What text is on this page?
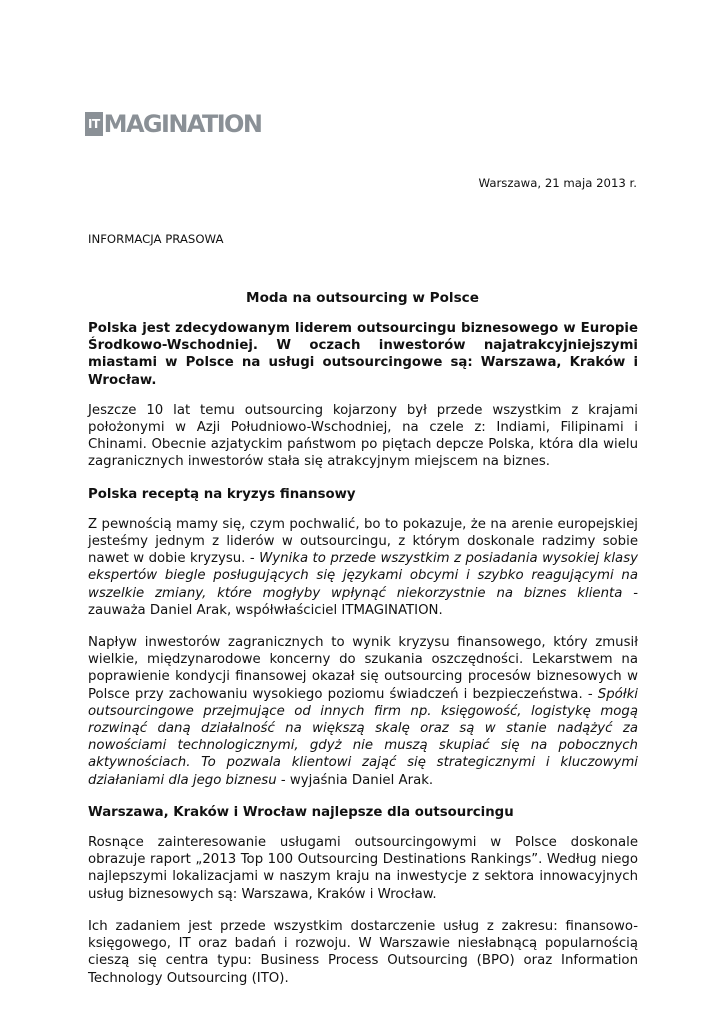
IT MAGINATION
Warszawa, 21 maja 2013 r.
INFORMACJA PRASOWA
Moda na outsourcing w Polsce

Polska jest zdecydowanym liderem outsourcingu biznesowego w Europie Środkowo-Wschodniej. W oczach inwestorów najatrakcyjniejszymi miastami w Polsce na usługi outsourcingowe są: Warszawa, Kraków i Wrocław.

Jeszcze 10 lat temu outsourcing kojarzony był przede wszystkim z krajami położonymi w Azji Południowo-Wschodniej, na czele z: Indiami, Filipinami i Chinami. Obecnie azjatyckim państwom po piętach depcze Polska, która dla wielu zagranicznych inwestorów stała się atrakcyjnym miejscem na biznes.

Polska receptą na kryzys finansowy

Z pewnością mamy się, czym pochwalić, bo to pokazuje, że na arenie europejskiej jesteśmy jednym z liderów w outsourcingu, z którym doskonale radzimy sobie nawet w dobie kryzysu. - Wynika to przede wszystkim z posiadania wysokiej klasy ekspertów biegle posługujących się językami obcymi i szybko reagującymi na wszelkie zmiany, które mogłyby wpłynąć niekorzystnie na biznes klienta - zauważa Daniel Arak, współwłaściciel ITMAGINATION.

Napływ inwestorów zagranicznych to wynik kryzysu finansowego, który zmusił wielkie, międzynarodowe koncerny do szukania oszczędności. Lekarstwem na poprawienie kondycji finansowej okazał się outsourcing procesów biznesowych w Polsce przy zachowaniu wysokiego poziomu świadczeń i bezpieczeństwa. - Spółki outsourcingowe przejmujące od innych firm np. księgowość, logistykę mogą rozwinąć daną działalność na większą skalę oraz są w stanie nadążyć za nowościami technologicznymi, gdyż nie muszą skupiać się na pobocznych aktywnościach. To pozwala klientowi zająć się strategicznymi i kluczowymi działaniami dla jego biznesu - wyjaśnia Daniel Arak.

Warszawa, Kraków i Wrocław najlepsze dla outsourcingu

Rosnące zainteresowanie usługami outsourcingowymi w Polsce doskonale obrazuje raport „2013 Top 100 Outsourcing Destinations Rankings”. Według niego najlepszymi lokalizacjami w naszym kraju na inwestycje z sektora innowacyjnych usług biznesowych są: Warszawa, Kraków i Wrocław.

Ich zadaniem jest przede wszystkim dostarczenie usług z zakresu: finansowo-księgowego, IT oraz badań i rozwoju. W Warszawie niesłabnącą popularnością cieszą się centra typu: Business Process Outsourcing (BPO) oraz Information Technology Outsourcing (ITO).
